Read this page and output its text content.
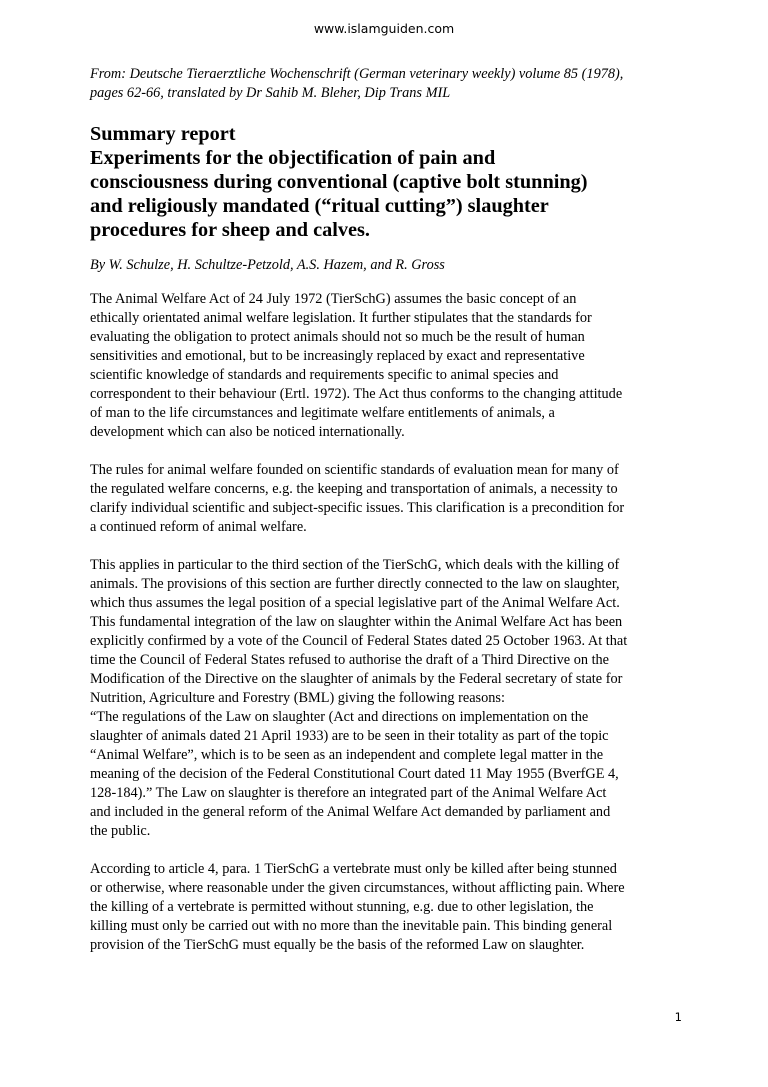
www.islamguiden.com

From: Deutsche Tieraerztliche Wochenschrift (German veterinary weekly) volume 85 (1978),
pages 62-66, translated by Dr Sahib M. Bleher, Dip Trans MIL

Summary report
Experiments for the objectification of pain and
consciousness during conventional (captive bolt stunning)
and religiously mandated (“ritual cutting”) slaughter
procedures for sheep and calves.
By W. Schulze, H. Schultze-Petzold, A.S. Hazem, and R. Gross

The Animal Welfare Act of 24 July 1972 (TierSchG) assumes the basic concept of an
ethically orientated animal welfare legislation. It further stipulates that the standards for
evaluating the obligation to protect animals should not so much be the result of human
sensitivities and emotional, but to be increasingly replaced by exact and representative
scientific knowledge of standards and requirements specific to animal species and
correspondent to their behaviour (Ertl. 1972). The Act thus conforms to the changing attitude
of man to the life circumstances and legitimate welfare entitlements of animals, a
development which can also be noticed internationally.

The rules for animal welfare founded on scientific standards of evaluation mean for many of
the regulated welfare concerns, e.g. the keeping and transportation of animals, a necessity to
clarify individual scientific and subject-specific issues. This clarification is a precondition for
a continued reform of animal welfare.

This applies in particular to the third section of the TierSchG, which deals with the killing of
animals. The provisions of this section are further directly connected to the law on slaughter,
which thus assumes the legal position of a special legislative part of the Animal Welfare Act.
This fundamental integration of the law on slaughter within the Animal Welfare Act has been
explicitly confirmed by a vote of the Council of Federal States dated 25 October 1963. At that
time the Council of Federal States refused to authorise the draft of a Third Directive on the
Modification of the Directive on the slaughter of animals by the Federal secretary of state for
Nutrition, Agriculture and Forestry (BML) giving the following reasons:
“The regulations of the Law on slaughter (Act and directions on implementation on the
slaughter of animals dated 21 April 1933) are to be seen in their totality as part of the topic
“Animal Welfare”, which is to be seen as an independent and complete legal matter in the
meaning of the decision of the Federal Constitutional Court dated 11 May 1955 (BverfGE 4,
128-184).” The Law on slaughter is therefore an integrated part of the Animal Welfare Act
and included in the general reform of the Animal Welfare Act demanded by parliament and
the public.

According to article 4, para. 1 TierSchG a vertebrate must only be killed after being stunned
or otherwise, where reasonable under the given circumstances, without afflicting pain. Where
the killing of a vertebrate is permitted without stunning, e.g. due to other legislation, the
killing must only be carried out with no more than the inevitable pain. This binding general
provision of the TierSchG must equally be the basis of the reformed Law on slaughter.

1
